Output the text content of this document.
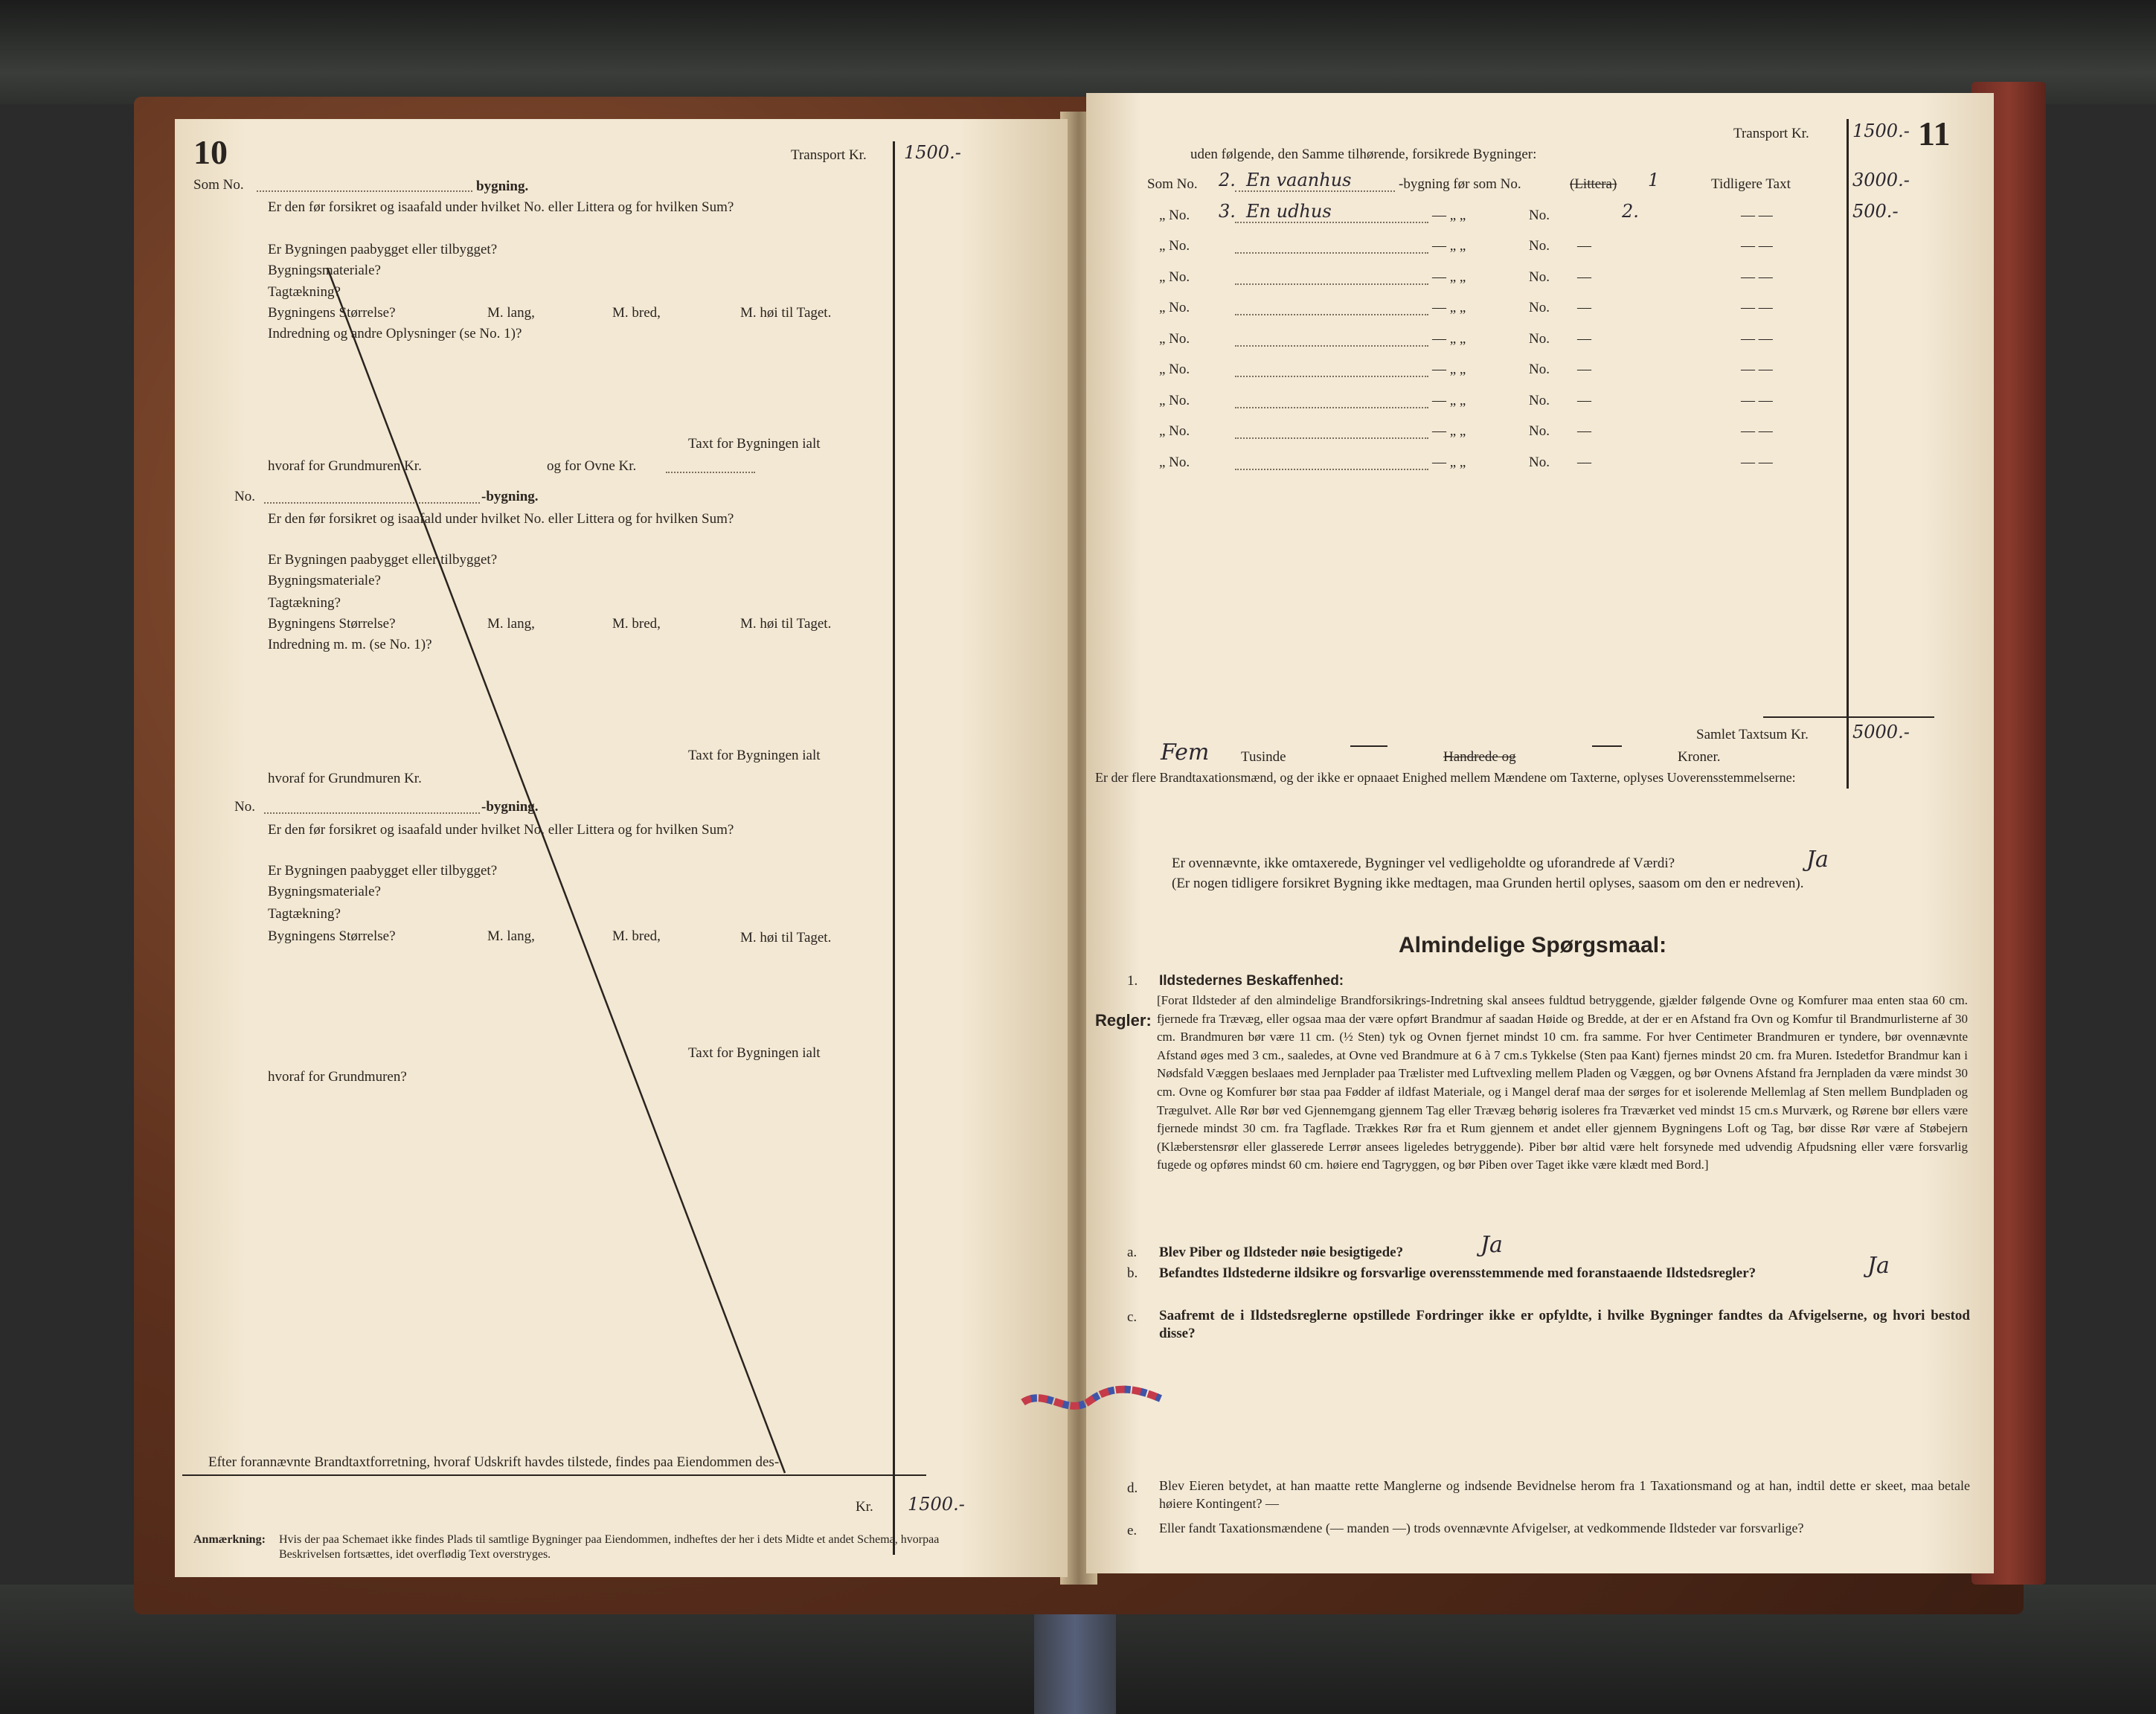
10	Transport Kr. 1500.-
Som No.	bygning.
Er den før forsikret og isaafald under hvilket No. eller Littera og for hvilken Sum?
Er Bygningen paabygget eller tilbygget?
Bygningsmateriale?
Tagtækning?
Bygningens Størrelse?	M. lang,	M. bred,	M. høi til Taget.
Indredning og andre Oplysninger (se No. 1)?
Taxt for Bygningen ialt
hvoraf for Grundmuren Kr.	og for Ovne Kr.
No.	-bygning.
Er den før forsikret og isaafald under hvilket No. eller Littera og for hvilken Sum?
Er Bygningen paabygget eller tilbygget?
Bygningsmateriale?
Tagtækning?
Bygningens Størrelse?	M. lang,	M. bred,	M. høi til Taget.
Indredning m. m. (se No. 1)?
Taxt for Bygningen ialt
hvoraf for Grundmuren Kr.
No.	-bygning.
Er den før forsikret og isaafald under hvilket No. eller Littera og for hvilken Sum?
Er Bygningen paabygget eller tilbygget?
Bygningsmateriale?
Tagtækning?
Bygningens Størrelse?	M. lang,	M. bred,	M. høi til Taget.
Taxt for Bygningen ialt
hvoraf for Grundmuren?
Efter forannævnte Brandtaxtforretning, hvoraf Udskrift havdes tilstede, findes paa Eiendommen des-
Kr. 1500.-
Anmærkning: Hvis der paa Schemaet ikke findes Plads til samtlige Bygninger paa Eiendommen, indheftes der her i dets Midte et andet Schema, hvorpaa Beskrivelsen fortsættes, idet overflødig Text overstryges.
11
Transport Kr. 1500.-
uden følgende, den Samme tilhørende, forsikrede Bygninger:
Som No. 2. En vaanhus	-bygning før som No.	(Littera) 1	Tidligere Taxt	3000.-
„ No. 3. En udhus	— „ „	No.	2.	— —	500.-
„ No.	— „ „	No. —	— —
„ No.	— „ „	No. —	— —
„ No.	— „ „	No. —	— —
„ No.	— „ „	No. —	— —
„ No.	— „ „	No. —	— —
„ No.	— „ „	No. —	— —
„ No.	— „ „	No. —	— —
„ No.	— „ „	No. —	— —
Samlet Taxtsum Kr. 5000.-
Fem Tusinde	Handrede og	Kroner.
Er der flere Brandtaxationsmænd, og der ikke er opnaaet Enighed mellem Mændene om Taxterne, oplyses Uoverensstemmelserne:
Er ovennævnte, ikke omtaxerede, Bygninger vel vedligeholdte og uforandrede af Værdi?	Ja
(Er nogen tidligere forsikret Bygning ikke medtagen, maa Grunden hertil oplyses, saasom om den er nedreven).
Almindelige Spørgsmaal:
1. Ildstedernes Beskaffenhed:
Regler:
[Forat Ildsteder af den almindelige Brandforsikrings-Indretning skal ansees fuldtud betryggende, gjælder følgende Ovne og Komfurer maa enten staa 60 cm. fjernede fra Trævæg, eller ogsaa maa der være opført Brandmur af saadan Høide og Bredde, at der er en Afstand fra Ovn og Komfur til Brandmurlisterne af 30 cm. Brandmuren bør være 11 cm. (½ Sten) tyk og Ovnen fjernet mindst 10 cm. fra samme. For hver Centimeter Brandmuren er tyndere, bør ovennævnte Afstand øges med 3 cm., saaledes, at Ovne ved Brandmure at 6 à 7 cm.s Tykkelse (Sten paa Kant) fjernes mindst 20 cm. fra Muren. Istedetfor Brandmur kan i Nødsfald Væggen beslaaes med Jernplader paa Trælister med Luftvexling mellem Pladen og Væggen, og bør Ovnens Afstand fra Jernpladen da være mindst 30 cm. Ovne og Komfurer bør staa paa Fødder af ildfast Materiale, og i Mangel deraf maa der sørges for et isolerende Mellemlag af Sten mellem Bundpladen og Trægulvet. Alle Rør bør ved Gjennemgang gjennem Tag eller Trævæg behørig isoleres fra Træværket ved mindst 15 cm.s Murværk, og Rørene bør ellers være fjernede mindst 30 cm. fra Tagflade. Trækkes Rør fra et Rum gjennem et andet eller gjennem Bygningens Loft og Tag, bør disse Rør være af Støbejern (Klæberstensrør eller glasserede Lerrør ansees ligeledes betryggende). Piber bør altid være helt forsynede med udvendig Afpudsning eller være forsvarlig fugede og opføres mindst 60 cm. høiere end Tagryggen, og bør Piben over Taget ikke være klædt med Bord.]
a. Blev Piber og Ildsteder nøie besigtigede?	Ja
b. Befandtes Ildstederne ildsikre og forsvarlige overensstemmende med foranstaaende Ildstedsregler?	Ja
c. Saafremt de i Ildstedsreglerne opstillede Fordringer ikke er opfyldte, i hvilke Bygninger fandtes da Afvigelserne, og hvori bestod disse?
d. Blev Eieren betydet, at han maatte rette Manglerne og indsende Bevidnelse herom fra 1 Taxationsmand og at han, indtil dette er skeet, maa betale høiere Kontingent? —
e. Eller fandt Taxationsmændene (— manden —) trods ovennævnte Afvigelser, at vedkommende Ildsteder var forsvarlige?
